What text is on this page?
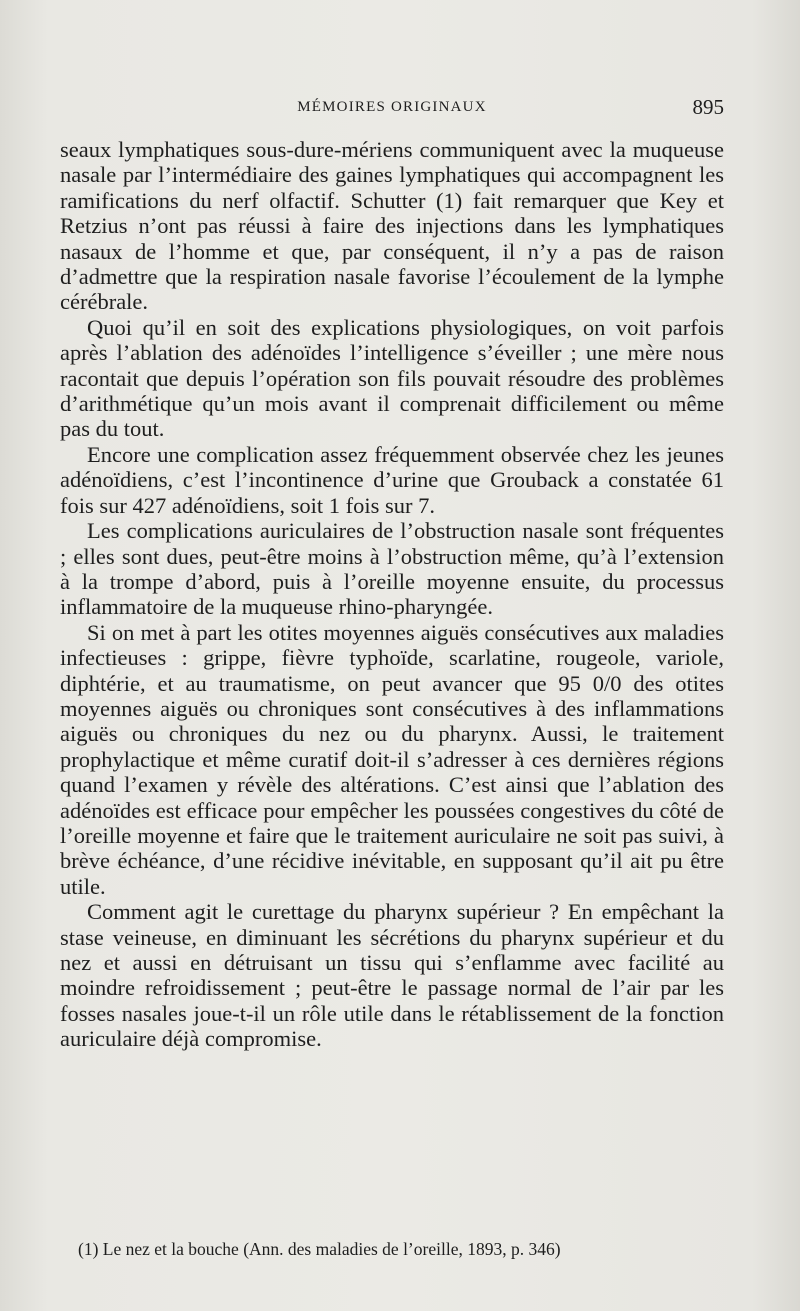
MÉMOIRES ORIGINAUX	895

seaux lymphatiques sous-dure-mériens communiquent avec la muqueuse nasale par l’intermédiaire des gaines lymphatiques qui accompagnent les ramifications du nerf olfactif. Schutter (1) fait remarquer que Key et Retzius n’ont pas réussi à faire des injections dans les lymphatiques nasaux de l’homme et que, par conséquent, il n’y a pas de raison d’admettre que la respiration nasale favorise l’écoulement de la lymphe cérébrale.

Quoi qu’il en soit des explications physiologiques, on voit parfois après l’ablation des adénoïdes l’intelligence s’éveiller ; une mère nous racontait que depuis l’opération son fils pouvait résoudre des problèmes d’arithmétique qu’un mois avant il comprenait difficilement ou même pas du tout.

Encore une complication assez fréquemment observée chez les jeunes adénoïdiens, c’est l’incontinence d’urine que Grouback a constatée 61 fois sur 427 adénoïdiens, soit 1 fois sur 7.

Les complications auriculaires de l’obstruction nasale sont fréquentes ; elles sont dues, peut-être moins à l’obstruction même, qu’à l’extension à la trompe d’abord, puis à l’oreille moyenne ensuite, du processus inflammatoire de la muqueuse rhino-pharyngée.

Si on met à part les otites moyennes aiguës consécutives aux maladies infectieuses : grippe, fièvre typhoïde, scarlatine, rougeole, variole, diphtérie, et au traumatisme, on peut avancer que 95 0/0 des otites moyennes aiguës ou chroniques sont consécutives à des inflammations aiguës ou chroniques du nez ou du pharynx. Aussi, le traitement prophylactique et même curatif doit-il s’adresser à ces dernières régions quand l’examen y révèle des altérations. C’est ainsi que l’ablation des adénoïdes est efficace pour empêcher les poussées congestives du côté de l’oreille moyenne et faire que le traitement auriculaire ne soit pas suivi, à brève échéance, d’une récidive inévitable, en supposant qu’il ait pu être utile.

Comment agit le curettage du pharynx supérieur ? En empêchant la stase veineuse, en diminuant les sécrétions du pharynx supérieur et du nez et aussi en détruisant un tissu qui s’enflamme avec facilité au moindre refroidissement ; peut-être le passage normal de l’air par les fosses nasales joue-t-il un rôle utile dans le rétablissement de la fonction auriculaire déjà compromise.

(1) Le nez et la bouche (Ann. des maladies de l’oreille, 1893, p. 346)
